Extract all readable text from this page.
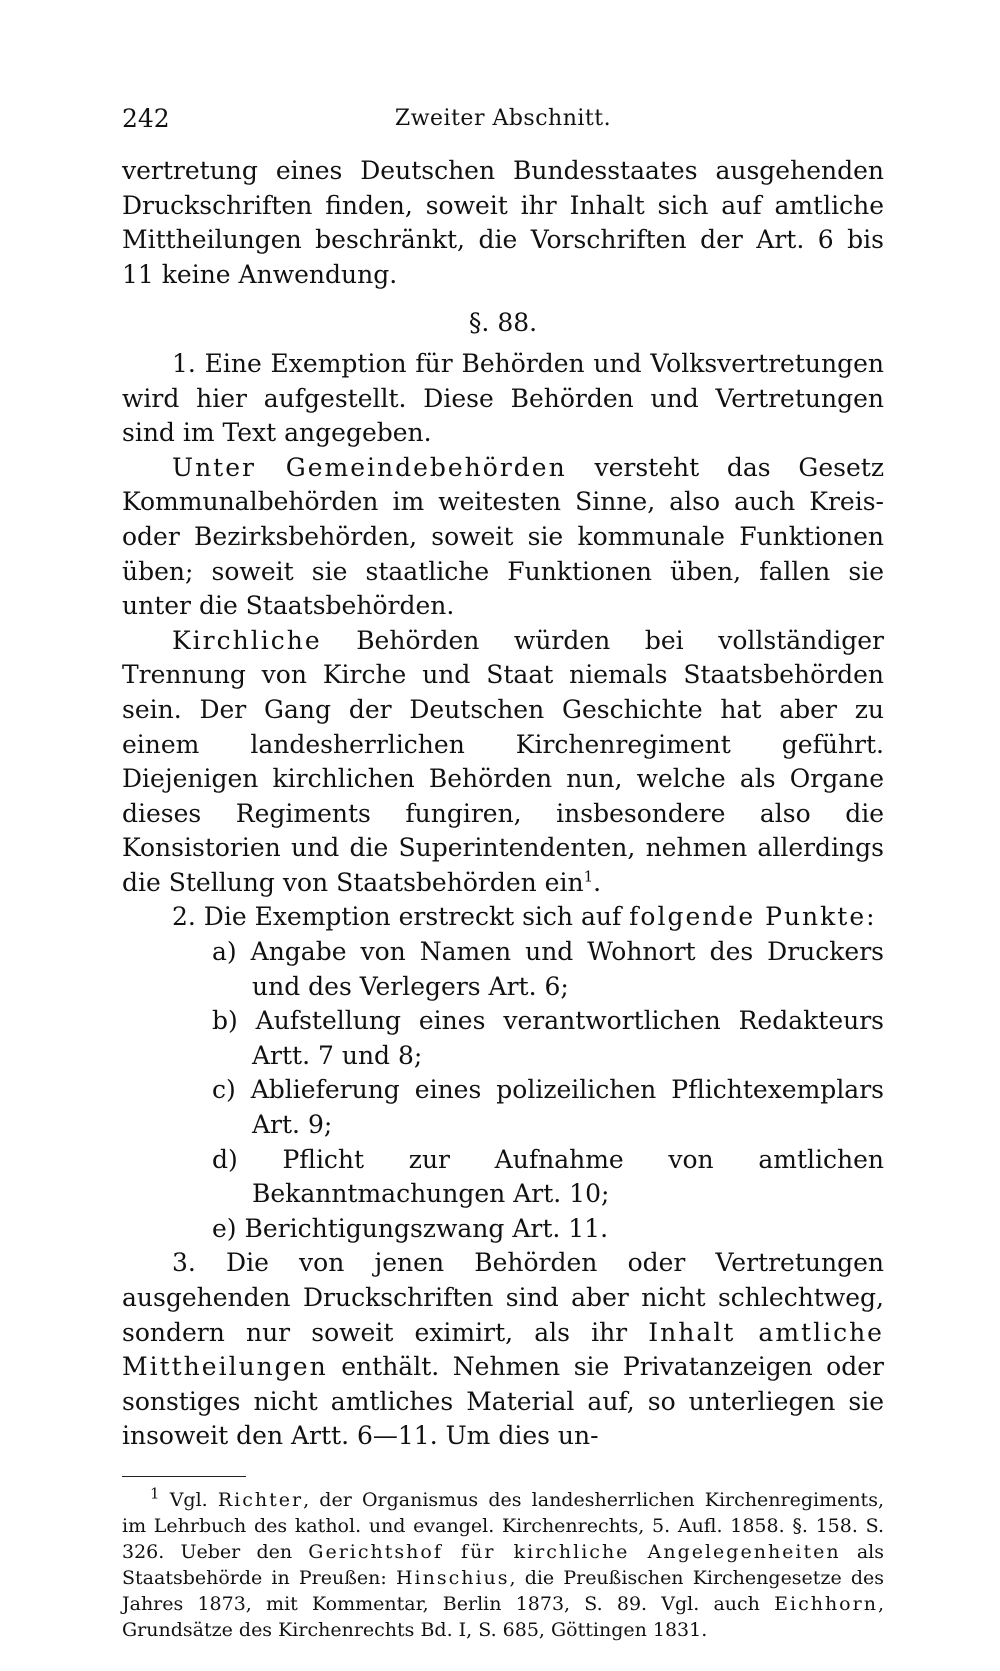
242	Zweiter Abschnitt.

vertretung eines Deutschen Bundesstaates ausgehenden Druckschriften finden, soweit ihr Inhalt sich auf amtliche Mittheilungen beschränkt, die Vorschriften der Art. 6 bis 11 keine Anwendung.

§. 88.

1. Eine Exemption für Behörden und Volksvertretungen wird hier aufgestellt. Diese Behörden und Vertretungen sind im Text angegeben.

Unter Gemeindebehörden versteht das Gesetz Kommunalbehörden im weitesten Sinne, also auch Kreis- oder Bezirksbehörden, soweit sie kommunale Funktionen üben; soweit sie staatliche Funktionen üben, fallen sie unter die Staatsbehörden.

Kirchliche Behörden würden bei vollständiger Trennung von Kirche und Staat niemals Staatsbehörden sein. Der Gang der Deutschen Geschichte hat aber zu einem landesherrlichen Kirchenregiment geführt. Diejenigen kirchlichen Behörden nun, welche als Organe dieses Regiments fungiren, insbesondere also die Konsistorien und die Superintendenten, nehmen allerdings die Stellung von Staatsbehörden ein$^1$.

2. Die Exemption erstreckt sich auf folgende Punkte:

a) Angabe von Namen und Wohnort des Druckers und des Verlegers Art. 6;

b) Aufstellung eines verantwortlichen Redakteurs Artt. 7 und 8;

c) Ablieferung eines polizeilichen Pflichtexemplars Art. 9;

d) Pflicht zur Aufnahme von amtlichen Bekanntmachungen Art. 10;

e) Berichtigungszwang Art. 11.

3. Die von jenen Behörden oder Vertretungen ausgehenden Druckschriften sind aber nicht schlechtweg, sondern nur soweit eximirt, als ihr Inhalt amtliche Mittheilungen enthält. Nehmen sie Privatanzeigen oder sonstiges nicht amtliches Material auf, so unterliegen sie insoweit den Artt. 6—11. Um dies un-

$^1$ Vgl. Richter, der Organismus des landesherrlichen Kirchenregiments, im Lehrbuch des kathol. und evangel. Kirchenrechts, 5. Aufl. 1858. §. 158. S. 326. Ueber den Gerichtshof für kirchliche Angelegenheiten als Staatsbehörde in Preußen: Hinschius, die Preußischen Kirchengesetze des Jahres 1873, mit Kommentar, Berlin 1873, S. 89. Vgl. auch Eichhorn, Grundsätze des Kirchenrechts Bd. I, S. 685, Göttingen 1831.
